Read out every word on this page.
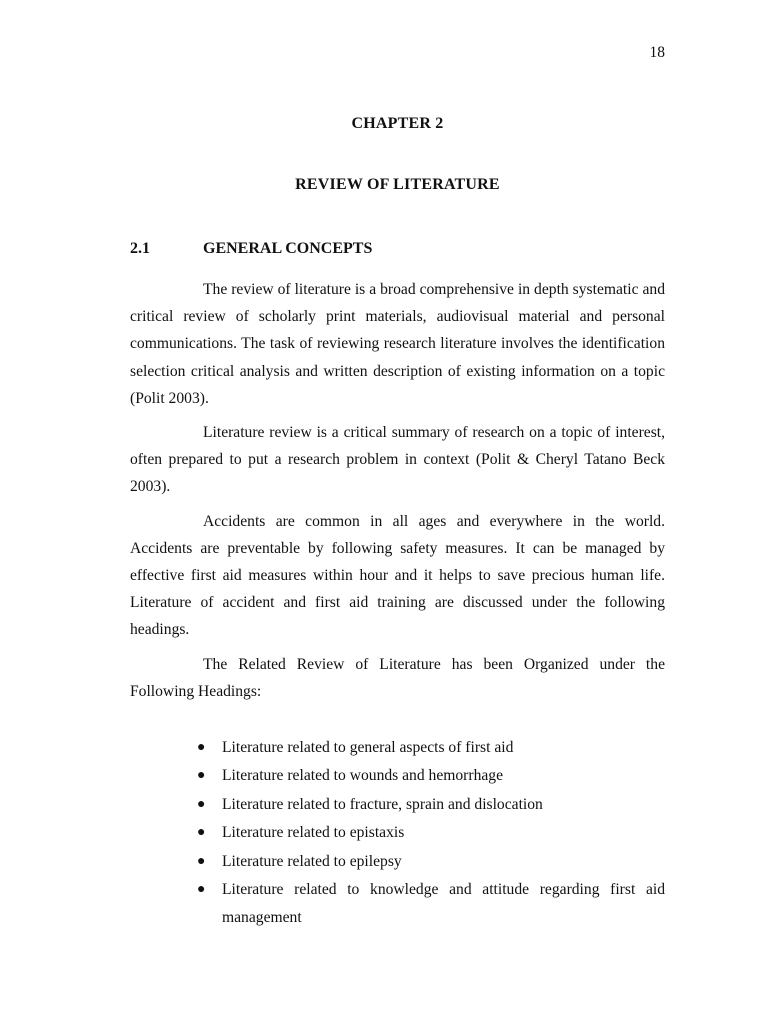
18
CHAPTER 2
REVIEW OF LITERATURE
2.1	GENERAL CONCEPTS

The review of literature is a broad comprehensive in depth systematic and critical review of scholarly print materials, audiovisual material and personal communications. The task of reviewing research literature involves the identification selection critical analysis and written description of existing information on a topic (Polit 2003).

Literature review is a critical summary of research on a topic of interest, often prepared to put a research problem in context (Polit & Cheryl Tatano Beck 2003).

Accidents are common in all ages and everywhere in the world. Accidents are preventable by following safety measures. It can be managed by effective first aid measures within hour and it helps to save precious human life. Literature of accident and first aid training are discussed under the following headings.

The Related Review of Literature has been Organized under the Following Headings:

● Literature related to general aspects of first aid
● Literature related to wounds and hemorrhage
● Literature related to fracture, sprain and dislocation
● Literature related to epistaxis
● Literature related to epilepsy
● Literature related to knowledge and attitude regarding first aid management
